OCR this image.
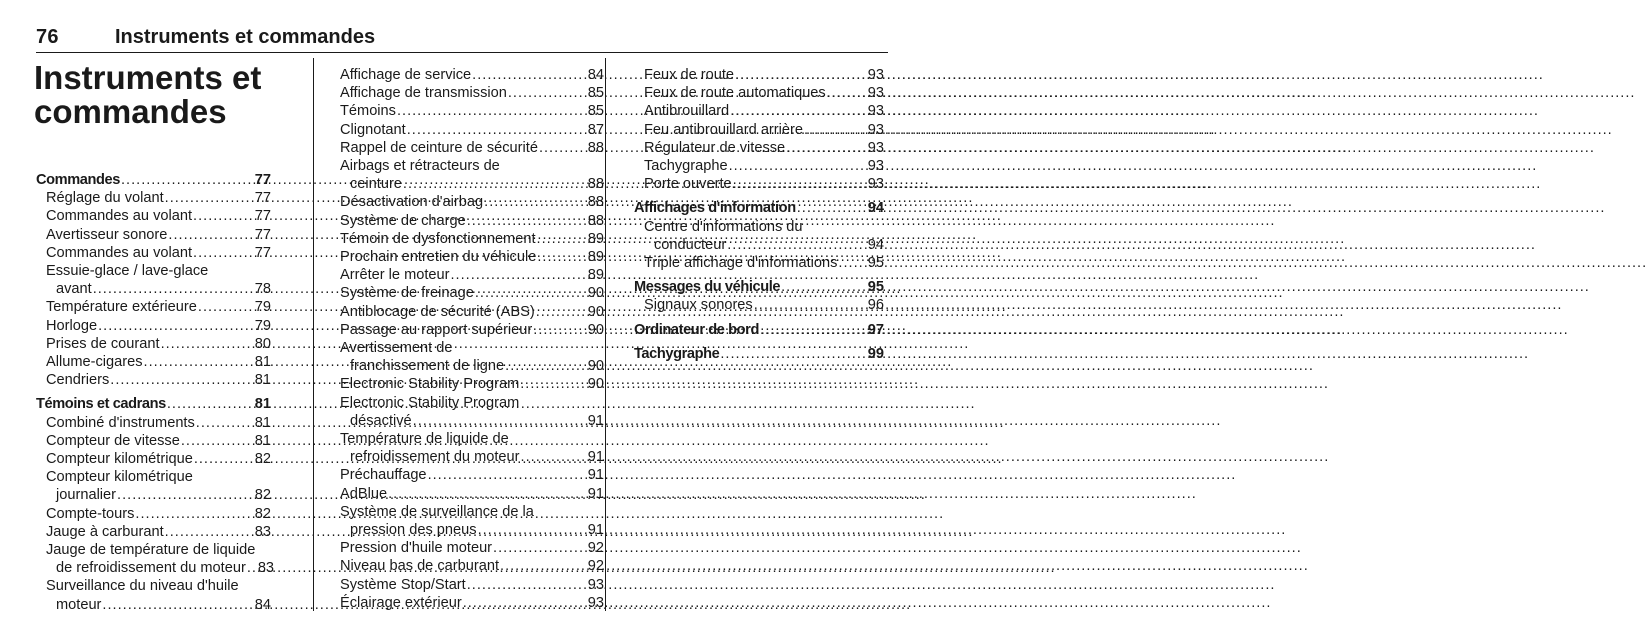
76	Instruments et commandes
Instruments et commandes
Commandes .....	77
Réglage du volant .....	77
Commandes au volant .....	77
Avertisseur sonore .....	77
Commandes au volant .....	77
Essuie-glace / lave-glace
avant .....	78
Température extérieure .....	79
Horloge .....	79
Prises de courant .....	80
Allume-cigares .....	81
Cendriers .....	81
Témoins et cadrans .....	81
Combiné d'instruments .....	81
Compteur de vitesse .....	81
Compteur kilométrique .....	82
Compteur kilométrique
journalier .....	82
Compte-tours .....	82
Jauge à carburant .....	83
Jauge de température de liquide
de refroidissement du moteur ..... 83
Surveillance du niveau d'huile
moteur .....	84
Affichage de service .....	84
Affichage de transmission .....	85
Témoins .....	85
Clignotant .....	87
Rappel de ceinture de sécurité .....	88
Airbags et rétracteurs de
ceinture .....	88
Désactivation d'airbag .....	88
Système de charge .....	88
Témoin de dysfonctionnement .....	89
Prochain entretien du véhicule .....	89
Arrêter le moteur .....	89
Système de freinage .....	90
Antiblocage de sécurité (ABS) .....	90
Passage au rapport supérieur .....	90
Avertissement de
franchissement de ligne .....	90
Electronic Stability Program .....	90
Electronic Stability Program
désactivé .....	91
Température de liquide de
refroidissement du moteur .....	91
Préchauffage .....	91
AdBlue .....	91
Système de surveillance de la
pression des pneus .....	91
Pression d'huile moteur .....	92
Niveau bas de carburant .....	92
Système Stop/Start .....	93
Éclairage extérieur .....	93
Feux de route .....	93
Feux de route automatiques .....	93
Antibrouillard .....	93
Feu antibrouillard arrière .....	93
Régulateur de vitesse .....	93
Tachygraphe .....	93
Porte ouverte .....	93
Affichages d'information .....	94
Centre d'informations du
conducteur .....	94
Triple affichage d'informations ..... 95
Messages du véhicule .....	95
Signaux sonores .....	96
Ordinateur de bord .....	97
Tachygraphe .....	99
